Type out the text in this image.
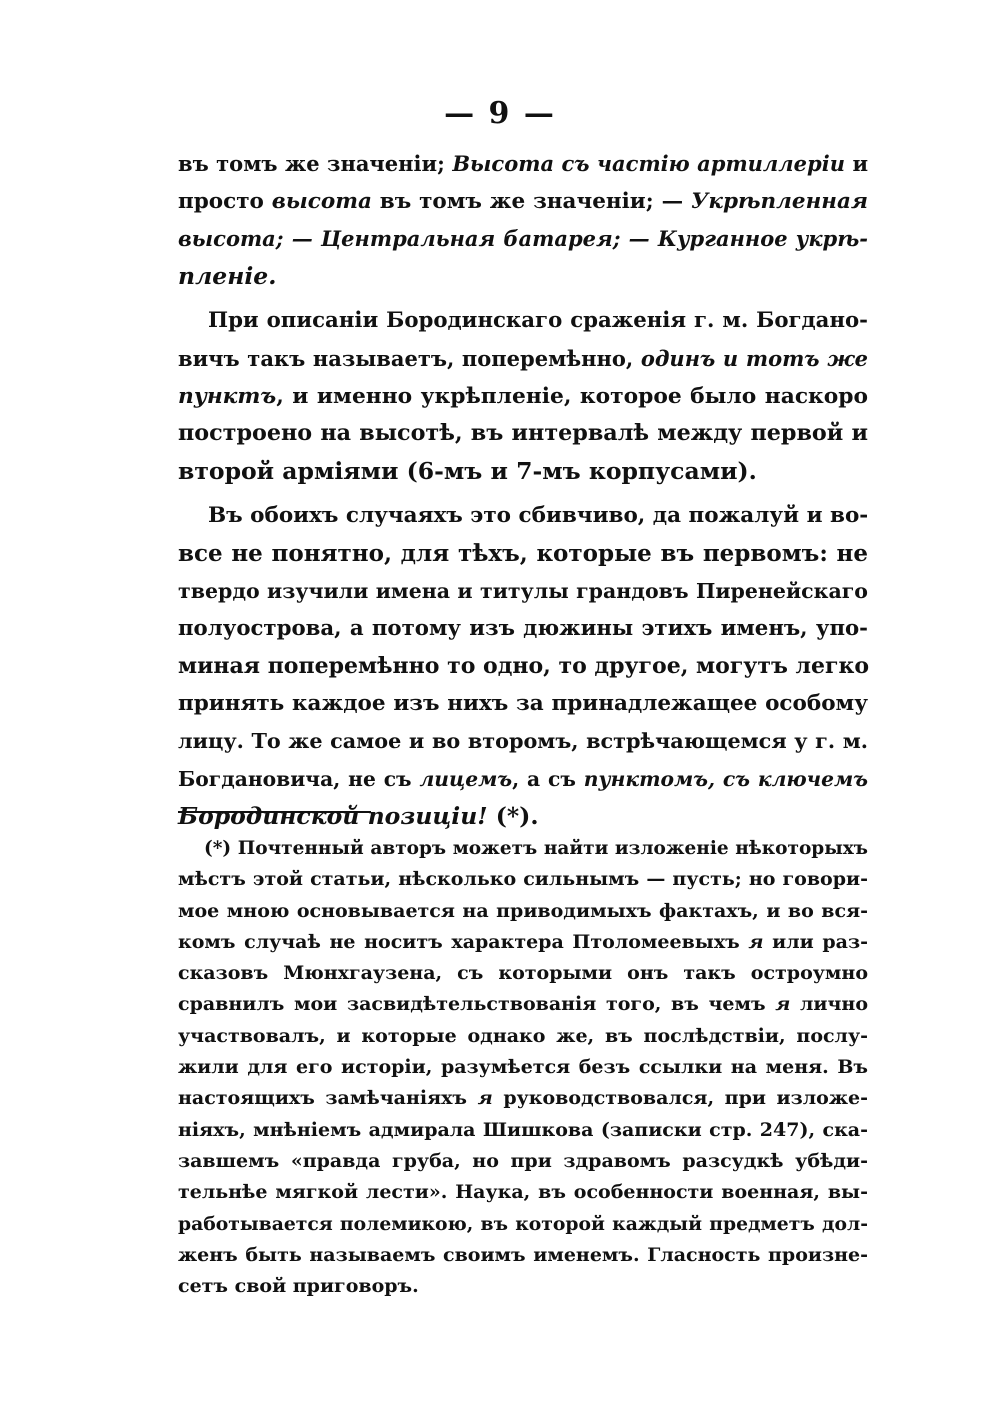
— 9 —
въ томъ же значеніи; Высота съ частію артиллеріи и
просто высота въ томъ же значеніи; — Укрѣпленная
высота; — Центральная батарея; — Курганное укрѣ-
пленіе.
При описаніи Бородинскаго сраженія г. м. Богдано-
вичъ такъ называетъ, поперемѣнно, одинъ и тотъ же
пунктъ, и именно укрѣпленіе, которое было наскоро
построено на высотѣ, въ интервалѣ между первой и
второй арміями (6-мъ и 7-мъ корпусами).
Въ обоихъ случаяхъ это сбивчиво, да пожалуй и во-
все не понятно, для тѣхъ, которые въ первомъ: не
твердо изучили имена и титулы грандовъ Пиренейскаго
полуострова, а потому изъ дюжины этихъ именъ, упо-
миная поперемѣнно то одно, то другое, могутъ легко
принять каждое изъ нихъ за принадлежащее особому
лицу. То же самое и во второмъ, встрѣчающемся у г. м.
Богдановича, не съ лицемъ, а съ пунктомъ, съ ключемъ
Бородинской позиціи! (*).
(*) Почтенный авторъ можетъ найти изложеніе нѣкоторыхъ
мѣстъ этой статьи, нѣсколько сильнымъ — пусть; но говори-
мое мною основывается на приводимыхъ фактахъ, и во вся-
комъ случаѣ не носитъ характера Птоломеевыхъ я или раз-
сказовъ Мюнхгаузена, съ которыми онъ такъ остроумно
сравнилъ мои засвидѣтельствованія того, въ чемъ я лично
участвовалъ, и которые однако же, въ послѣдствіи, послу-
жили для его исторіи, разумѣется безъ ссылки на меня. Въ
настоящихъ замѣчаніяхъ я руководствовался, при изложе-
ніяхъ, мнѣніемъ адмирала Шишкова (записки стр. 247), ска-
завшемъ «правда груба, но при здравомъ разсудкѣ убѣди-
тельнѣе мягкой лести». Наука, въ особенности военная, вы-
работывается полемикою, въ которой каждый предметъ дол-
женъ быть называемъ своимъ именемъ. Гласность произне-
сетъ свой приговоръ.
